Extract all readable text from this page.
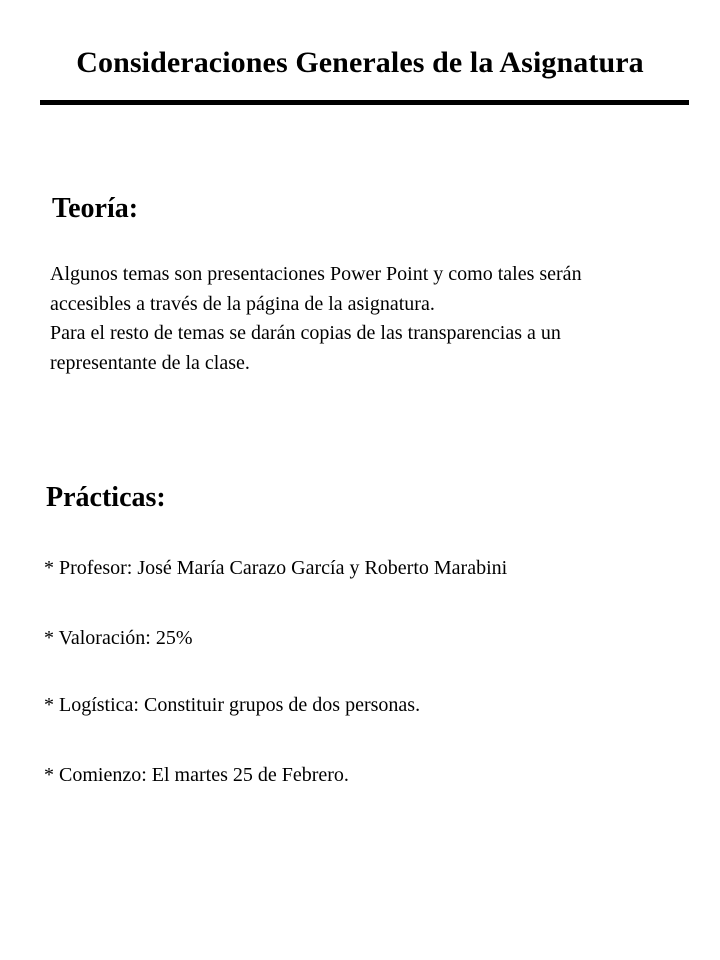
Consideraciones Generales de la Asignatura
Teoría:

Algunos temas son presentaciones Power Point y como tales serán
accesibles a través de la página de la asignatura.
Para el resto de temas se darán copias de las transparencias a un
representante de la clase.

Prácticas:

* Profesor: José María Carazo García y Roberto Marabini

* Valoración: 25%

* Logística: Constituir grupos de dos personas.

* Comienzo: El martes 25 de Febrero.
